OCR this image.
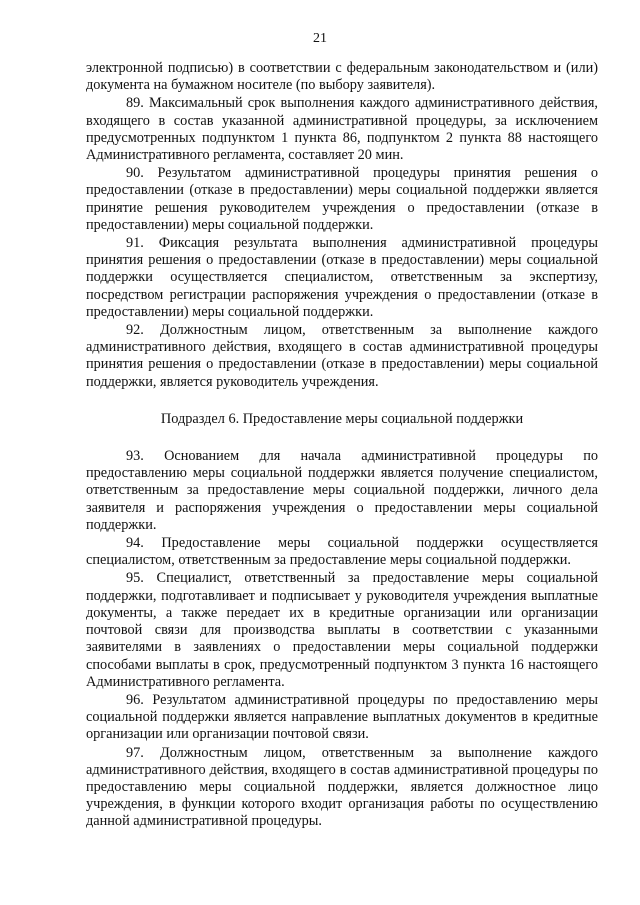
21

электронной подписью) в соответствии с федеральным законодательством и (или) документа на бумажном носителе (по выбору заявителя).

89. Максимальный срок выполнения каждого административного действия, входящего в состав указанной административной процедуры, за исключением предусмотренных подпунктом 1 пункта 86, подпунктом 2 пункта 88 настоящего Административного регламента, составляет 20 мин.

90. Результатом административной процедуры принятия решения о предоставлении (отказе в предоставлении) меры социальной поддержки является принятие решения руководителем учреждения о предоставлении (отказе в предоставлении) меры социальной поддержки.

91. Фиксация результата выполнения административной процедуры принятия решения о предоставлении (отказе в предоставлении) меры социальной поддержки осуществляется специалистом, ответственным за экспертизу, посредством регистрации распоряжения учреждения о предоставлении (отказе в предоставлении) меры социальной поддержки.

92. Должностным лицом, ответственным за выполнение каждого административного действия, входящего в состав административной процедуры принятия решения о предоставлении (отказе в предоставлении) меры социальной поддержки, является руководитель учреждения.

Подраздел 6. Предоставление меры социальной поддержки

93. Основанием для начала административной процедуры по предоставлению меры социальной поддержки является получение специалистом, ответственным за предоставление меры социальной поддержки, личного дела заявителя и распоряжения учреждения о предоставлении меры социальной поддержки.

94. Предоставление меры социальной поддержки осуществляется специалистом, ответственным за предоставление меры социальной поддержки.

95. Специалист, ответственный за предоставление меры социальной поддержки, подготавливает и подписывает у руководителя учреждения выплатные документы, а также передает их в кредитные организации или организации почтовой связи для производства выплаты в соответствии с указанными заявителями в заявлениях о предоставлении меры социальной поддержки способами выплаты в срок, предусмотренный подпунктом 3 пункта 16 настоящего Административного регламента.

96. Результатом административной процедуры по предоставлению меры социальной поддержки является направление выплатных документов в кредитные организации или организации почтовой связи.

97. Должностным лицом, ответственным за выполнение каждого административного действия, входящего в состав административной процедуры по предоставлению меры социальной поддержки, является должностное лицо учреждения, в функции которого входит организация работы по осуществлению данной административной процедуры.
